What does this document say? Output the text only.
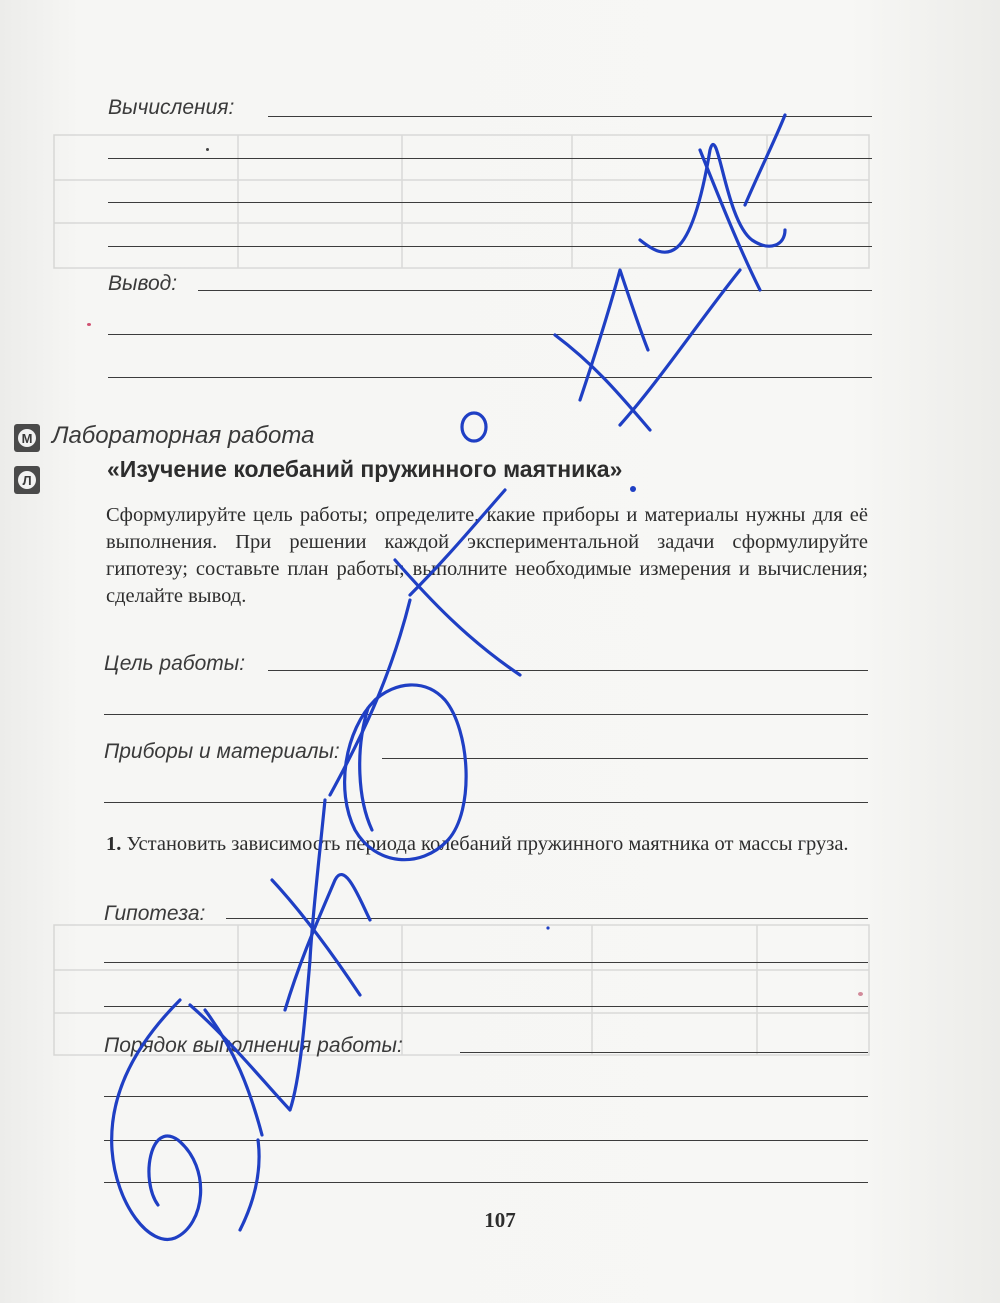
Вычисления:
Вывод:
М
Л
Лабораторная работа
«Изучение колебаний пружинного маятника»
Сформулируйте цель работы; определите, какие приборы и материалы нужны для её выполнения. При решении каждой экспериментальной задачи сформулируйте гипотезу; составьте план работы; выполните необходимые измерения и вычисления; сделайте вывод.
Цель работы:
Приборы и материалы:
1. Установить зависимость периода колебаний пружинного маятника от массы груза.
Гипотеза:
Порядок выполнения работы:
107
